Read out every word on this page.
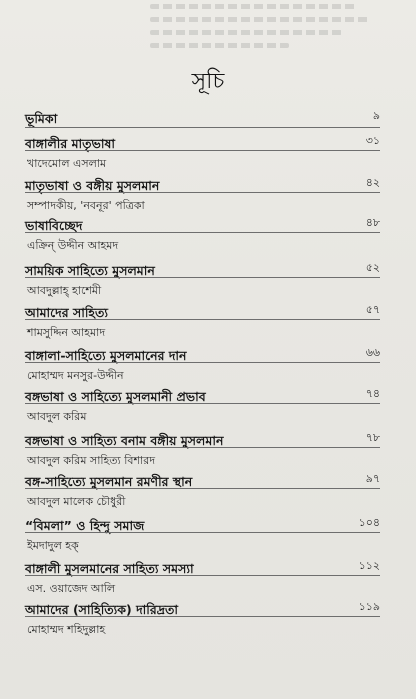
সূচি
ভূমিকা	৯
বাঙ্গালীর মাতৃভাষা	৩১
খাদেমোল এসলাম
মাতৃভাষা ও বঙ্গীয় মুসলমান	৪২
সম্পাদকীয়, 'নবনূর' পত্রিকা
ভাষাবিচ্ছেদ	৪৮
এক্রিন্ উদ্দীন আহমদ
সাময়িক সাহিত্যে মুসলমান	৫২
আবদুল্লাহ্ হাশেমী
আমাদের সাহিত্য	৫৭
শামসুদ্দিন আহমাদ
বাঙ্গালা-সাহিত্যে মুসলমানের দান	৬৬
মোহাম্মদ মনসুর-উদ্দীন
বঙ্গভাষা ও সাহিত্যে মুসলমানী প্রভাব	৭৪
আবদুল করিম
বঙ্গভাষা ও সাহিত্য বনাম বঙ্গীয় মুসলমান	৭৮
আবদুল করিম সাহিত্য বিশারদ
বঙ্গ-সাহিত্যে মুসলমান রমণীর স্থান	৯৭
আবদুল মালেক চৌধুরী
“বিমলা” ও হিন্দু সমাজ	১০৪
ইমদাদুল হক্
বাঙ্গালী মুসলমানের সাহিত্য সমস্যা	১১২
এস. ওয়াজেদ আলি
আমাদের (সাহিত্যিক) দারিদ্রতা	১১৯
মোহাম্মদ শহিদুল্লাহ
